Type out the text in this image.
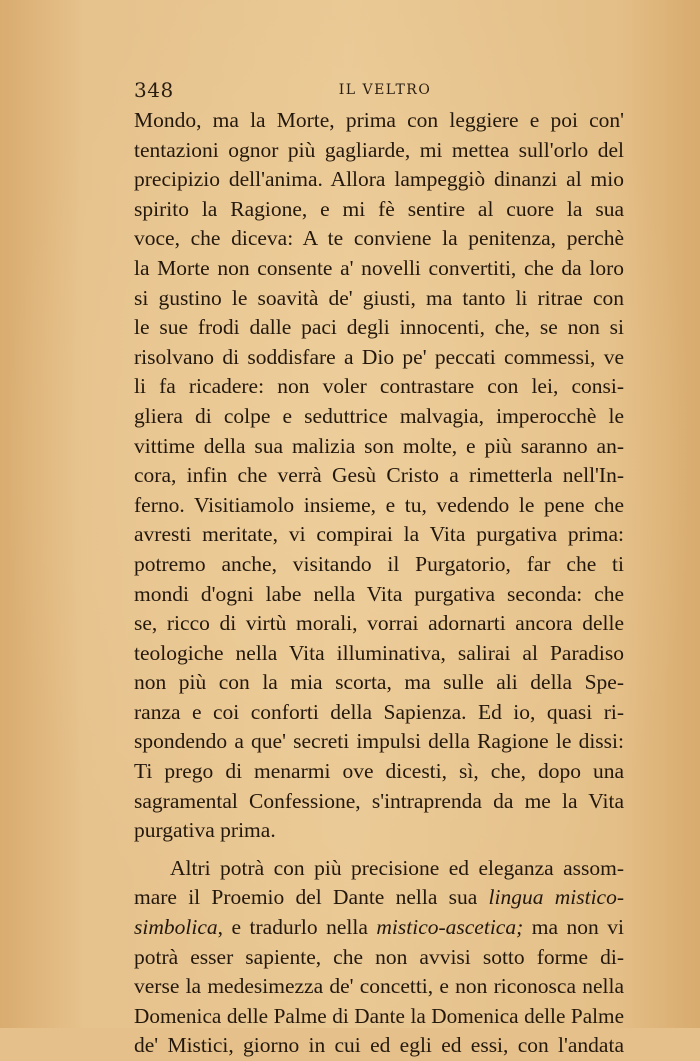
348	IL VELTRO
Mondo, ma la Morte, prima con leggiere e poi con'
tentazioni ognor più gagliarde, mi mettea sull'orlo del
precipizio dell'anima. Allora lampeggiò dinanzi al mio
spirito la Ragione, e mi fè sentire al cuore la sua
voce, che diceva: A te conviene la penitenza, perchè
la Morte non consente a' novelli convertiti, che da loro
si gustino le soavità de' giusti, ma tanto li ritrae con
le sue frodi dalle paci degli innocenti, che, se non si
risolvano di soddisfare a Dio pe' peccati commessi, ve
li fa ricadere: non voler contrastare con lei, consi-
gliera di colpe e seduttrice malvagia, imperocchè le
vittime della sua malizia son molte, e più saranno an-
cora, infin che verrà Gesù Cristo a rimetterla nell'In-
ferno. Visitiamolo insieme, e tu, vedendo le pene che
avresti meritate, vi compirai la Vita purgativa prima:
potremo anche, visitando il Purgatorio, far che ti
mondi d'ogni labe nella Vita purgativa seconda: che
se, ricco di virtù morali, vorrai adornarti ancora delle
teologiche nella Vita illuminativa, salirai al Paradiso
non più con la mia scorta, ma sulle ali della Spe-
ranza e coi conforti della Sapienza. Ed io, quasi ri-
spondendo a que' secreti impulsi della Ragione le dissi:
Ti prego di menarmi ove dicesti, sì, che, dopo una
sagramental Confessione, s'intraprenda da me la Vita
purgativa prima.
Altri potrà con più precisione ed eleganza assom-
mare il Proemio del Dante nella sua lingua mistico-
simbolica, e tradurlo nella mistico-ascetica; ma non vi
potrà esser sapiente, che non avvisi sotto forme di-
verse la medesimezza de' concetti, e non riconosca nella
Domenica delle Palme di Dante la Domenica delle Palme
de' Mistici, giorno in cui ed egli ed essi, con l'andata
